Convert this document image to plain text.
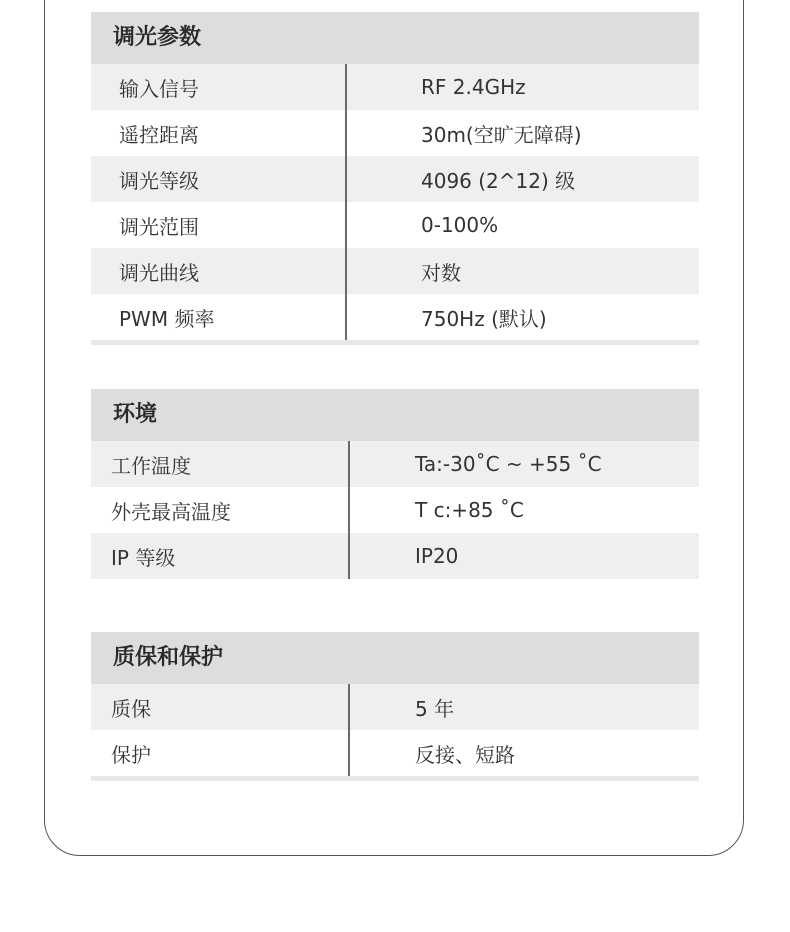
调光参数
输入信号	RF 2.4GHz
遥控距离	30m(空旷无障碍)
调光等级	4096 (2^12) 级
调光范围	0-100%
调光曲线	对数
PWM 频率	750Hz (默认)
环境
工作温度	Ta:-30˚C ~ +55 ˚C
外壳最高温度	T c:+85 ˚C
IP 等级	IP20
质保和保护
质保	5 年
保护	反接、短路
